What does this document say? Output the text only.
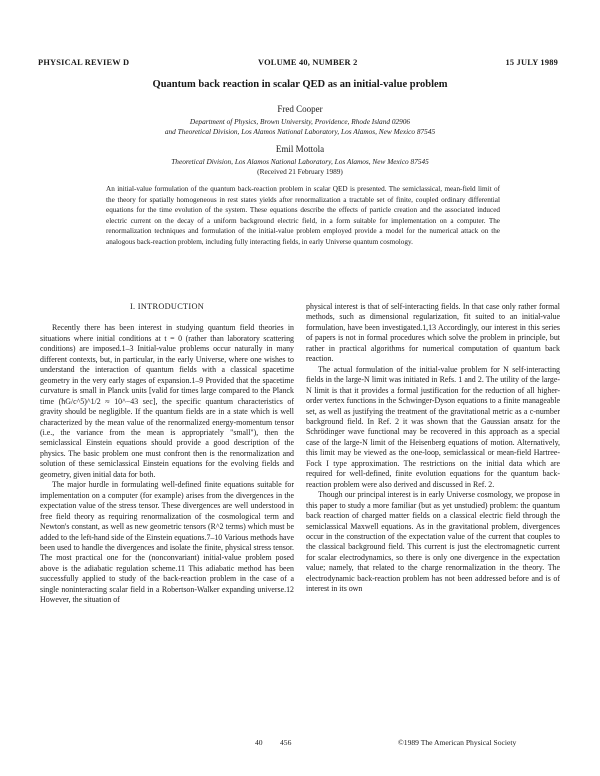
PHYSICAL REVIEW D	VOLUME 40, NUMBER 2	15 JULY 1989
Quantum back reaction in scalar QED as an initial-value problem
Fred Cooper
Department of Physics, Brown University, Providence, Rhode Island 02906
and Theoretical Division, Los Alamos National Laboratory, Los Alamos, New Mexico 87545
Emil Mottola
Theoretical Division, Los Alamos National Laboratory, Los Alamos, New Mexico 87545
(Received 21 February 1989)
An initial-value formulation of the quantum back-reaction problem in scalar QED is presented. The semiclassical, mean-field limit of the theory for spatially homogeneous in rest states yields after renormalization a tractable set of finite, coupled ordinary differential equations for the time evolution of the system. These equations describe the effects of particle creation and the associated induced electric current on the decay of a uniform background electric field, in a form suitable for implementation on a computer. The renormalization techniques and formulation of the initial-value problem employed provide a model for the numerical attack on the analogous back-reaction problem, including fully interacting fields, in early Universe quantum cosmology.
I. INTRODUCTION

Recently there has been interest in studying quantum field theories in situations where initial conditions at t = 0 (rather than laboratory scattering conditions) are imposed.1–3 Initial-value problems occur naturally in many different contexts, but, in particular, in the early Universe, where one wishes to understand the interaction of quantum fields with a classical spacetime geometry in the very early stages of expansion.1–9 Provided that the spacetime curvature is small in Planck units [valid for times large compared to the Planck time (ħG/c^5)^1/2 ≈ 10^−43 sec], the specific quantum characteristics of gravity should be negligible. If the quantum fields are in a state which is well characterized by the mean value of the renormalized energy-momentum tensor (i.e., the variance from the mean is appropriately "small"), then the semiclassical Einstein equations should provide a good description of the physics. The basic problem one must confront then is the renormalization and solution of these semiclassical Einstein equations for the evolving fields and geometry, given initial data for both.

The major hurdle in formulating well-defined finite equations suitable for implementation on a computer (for example) arises from the divergences in the expectation value of the stress tensor. These divergences are well understood in free field theory as requiring renormalization of the cosmological term and Newton's constant, as well as new geometric tensors (R^2 terms) which must be added to the left-hand side of the Einstein equations.7–10 Various methods have been used to handle the divergences and isolate the finite, physical stress tensor. The most practical one for the (nonconvariant) initial-value problem posed above is the adiabatic regulation scheme.11 This adiabatic method has been successfully applied to study of the back-reaction problem in the case of a single noninteracting scalar field in a Robertson-Walker expanding universe.12 However, the situation of

physical interest is that of self-interacting fields. In that case only rather formal methods, such as dimensional regularization, fit suited to an initial-value formulation, have been investigated.1,13 Accordingly, our interest in this series of papers is not in formal procedures which solve the problem in principle, but rather in practical algorithms for numerical computation of quantum back reaction.

The actual formulation of the initial-value problem for N self-interacting fields in the large-N limit was initiated in Refs. 1 and 2. The utility of the large-N limit is that it provides a formal justification for the reduction of all higher-order vertex functions in the Schwinger-Dyson equations to a finite manageable set, as well as justifying the treatment of the gravitational metric as a c-number background field. In Ref. 2 it was shown that the Gaussian ansatz for the Schrödinger wave functional may be recovered in this approach as a special case of the large-N limit of the Heisenberg equations of motion. Alternatively, this limit may be viewed as the one-loop, semiclassical or mean-field Hartree-Fock I type approximation. The restrictions on the initial data which are required for well-defined, finite evolution equations for the quantum back-reaction problem were also derived and discussed in Ref. 2.

Though our principal interest is in early Universe cosmology, we propose in this paper to study a more familiar (but as yet unstudied) problem: the quantum back reaction of charged matter fields on a classical electric field through the semiclassical Maxwell equations. As in the gravitational problem, divergences occur in the construction of the expectation value of the current that couples to the classical background field. This current is just the electromagnetic current for scalar electrodynamics, so there is only one divergence in the expectation value; namely, that related to the charge renormalization in the theory. The electrodynamic back-reaction problem has not been addressed before and is of interest in its own

40 456	©1989 The American Physical Society
